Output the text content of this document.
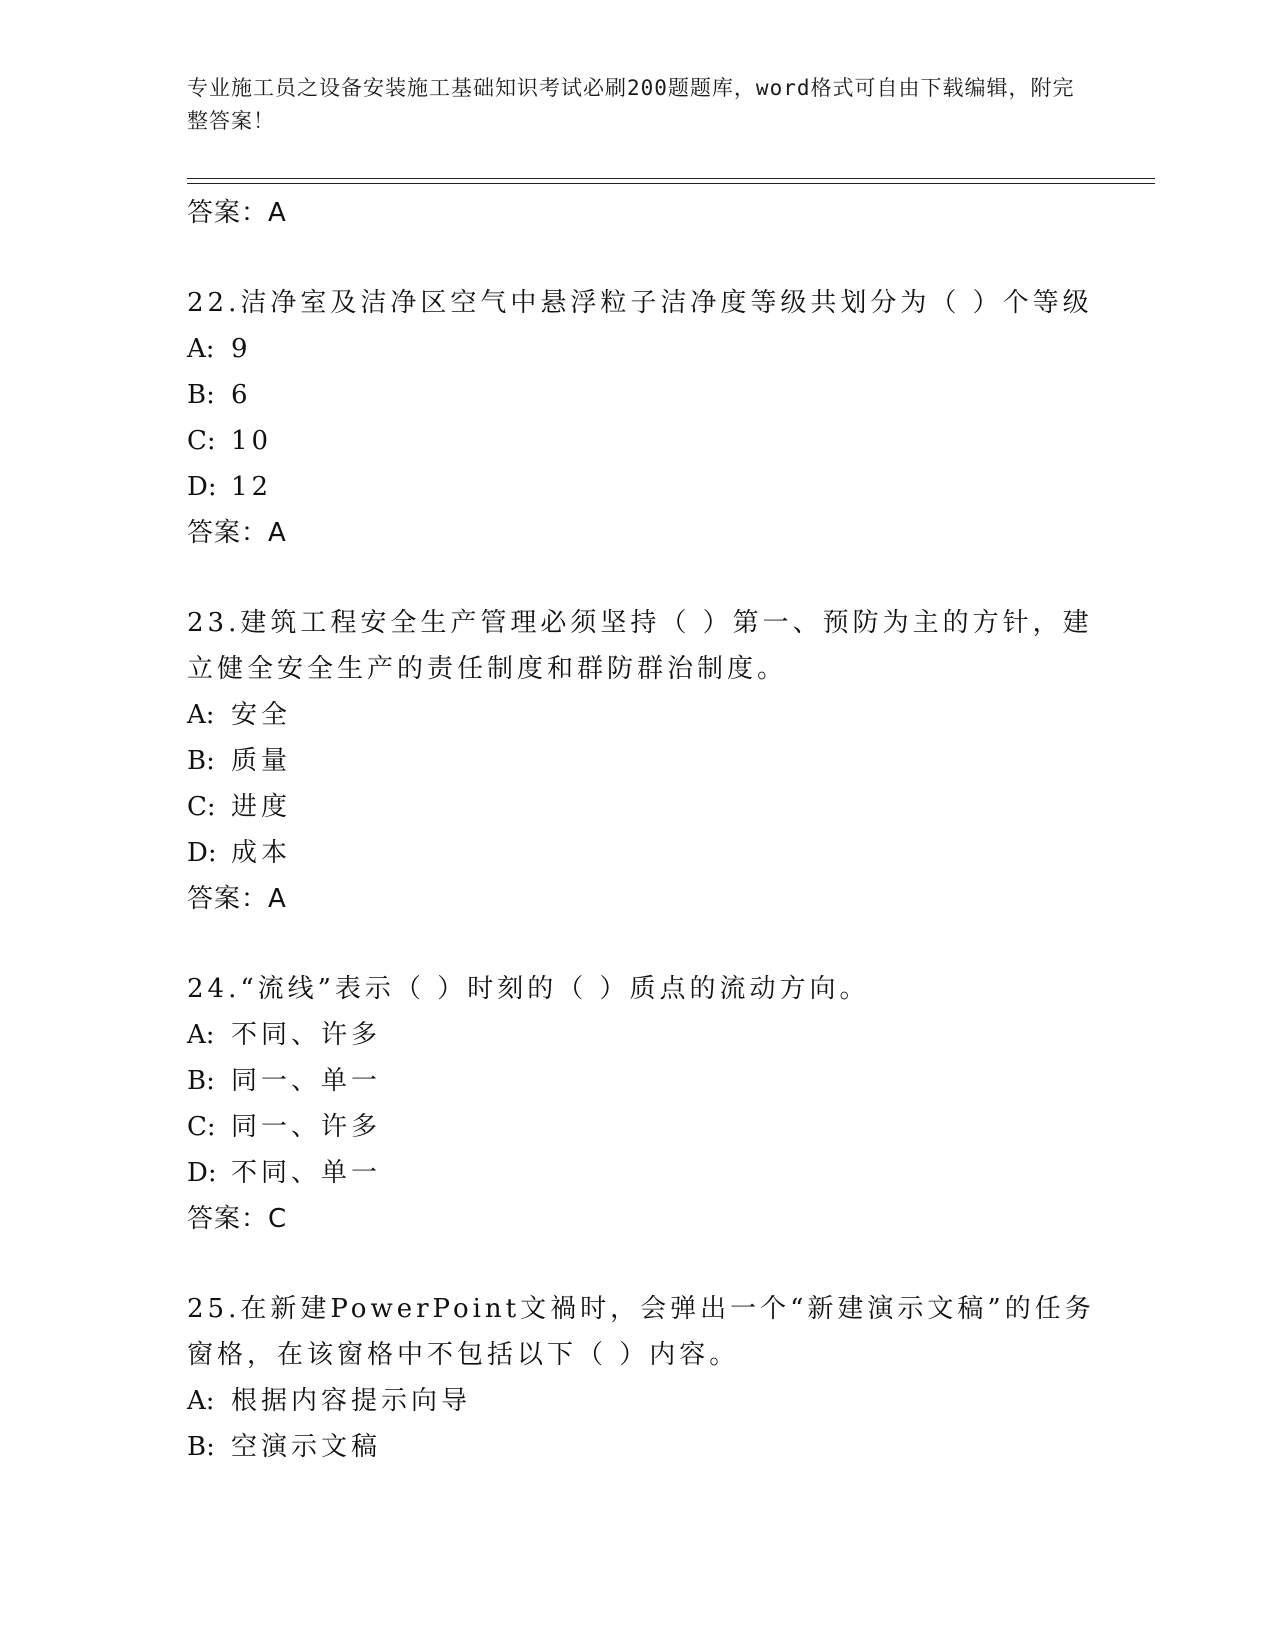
专业施工员之设备安装施工基础知识考试必刷200题题库，word格式可自由下载编辑，附完整答案！
答案：A
22.洁净室及洁净区空气中悬浮粒子洁净度等级共划分为（ ）个等级
A: 9
B: 6
C: 10
D: 12
答案：A
23.建筑工程安全生产管理必须坚持（ ）第一、预防为主的方针，建立健全安全生产的责任制度和群防群治制度。
A: 安全
B: 质量
C: 进度
D: 成本
答案：A
24.“流线”表示（ ）时刻的（ ）质点的流动方向。
A: 不同、许多
B: 同一、单一
C: 同一、许多
D: 不同、单一
答案：C
25.在新建PowerPoint文禍时，会弹出一个“新建演示文稿”的任务窗格，在该窗格中不包括以下（ ）内容。
A: 根据内容提示向导
B: 空演示文稿
